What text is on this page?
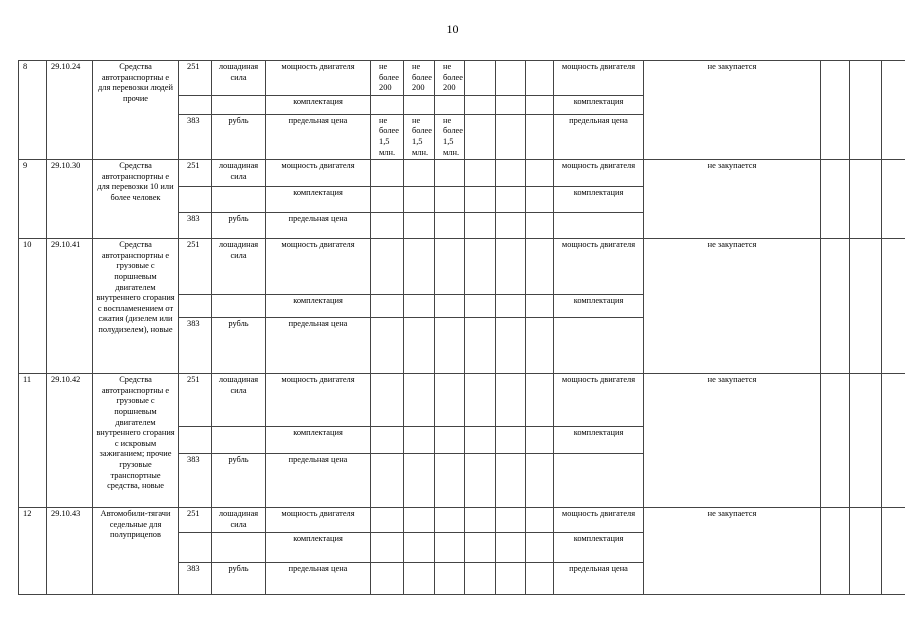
10
8	29.10.24	Средства автотранспортны е для перевозки людей прочие	251	лошадиная сила	мощность двигателя	не более 200	не более 200	не более 200				мощность двигателя	не закупается			
					комплектация							комплектация				
			383	рубль	предельная цена	не более 1,5 млн.	не более 1,5 млн.	не более 1,5 млн.				предельная цена				
9	29.10.30	Средства автотранспортны е для перевозки 10 или более человек	251	лошадиная сила	мощность двигателя							мощность двигателя	не закупается			
					комплектация							комплектация				
			383	рубль	предельная цена											
10	29.10.41	Средства автотранспортны е грузовые с поршневым двигателем внутреннего сгорания с воспламенением от сжатия (дизелем или полудизелем), новые	251	лошадиная сила	мощность двигателя							мощность двигателя	не закупается			
					комплектация							комплектация				
			383	рубль	предельная цена											
11	29.10.42	Средства автотранспортны е грузовые с поршневым двигателем внутреннего сгорания с искровым зажиганием; прочие грузовые транспортные средства, новые	251	лошадиная сила	мощность двигателя							мощность двигателя	не закупается			
					комплектация							комплектация				
			383	рубль	предельная цена											
12	29.10.43	Автомобили-тягачи седельные для полуприцепов	251	лошадиная сила	мощность двигателя							мощность двигателя	не закупается			
					комплектация							комплектация				
			383	рубль	предельная цена							предельная цена				
